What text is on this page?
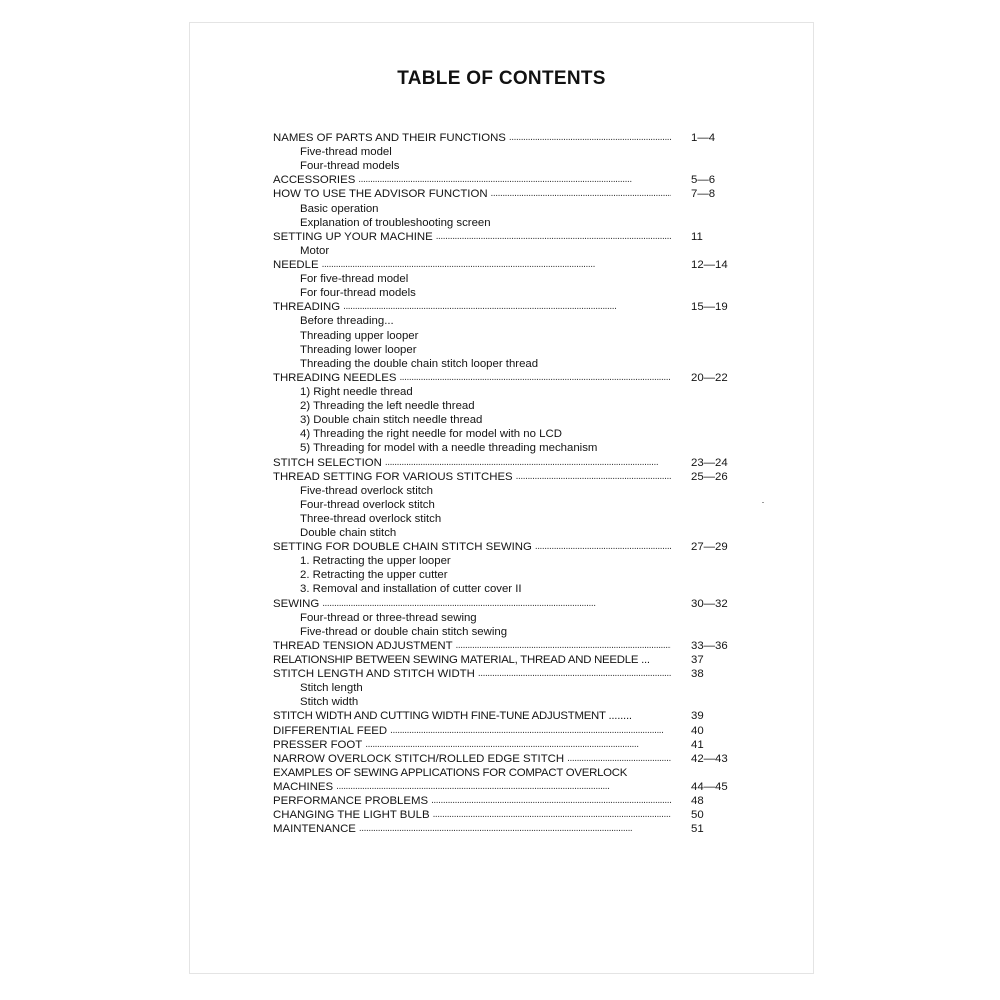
TABLE OF CONTENTS
NAMES OF PARTS AND THEIR FUNCTIONS . . .	1—4
Five-thread model
Four-thread models
ACCESSORIES . . .	5—6
HOW TO USE THE ADVISOR FUNCTION . . .	7—8
Basic operation
Explanation of troubleshooting screen
SETTING UP YOUR MACHINE . . .	11
Motor
NEEDLE . . .	12—14
For five-thread model
For four-thread models
THREADING . . .	15—19
Before threading...
Threading upper looper
Threading lower looper
Threading the double chain stitch looper thread
THREADING NEEDLES . . .	20—22
1) Right needle thread
2) Threading the left needle thread
3) Double chain stitch needle thread
4) Threading the right needle for model with no LCD
5) Threading for model with a needle threading mechanism
STITCH SELECTION . . .	23—24
THREAD SETTING FOR VARIOUS STITCHES . . .	25—26
Five-thread overlock stitch
Four-thread overlock stitch
Three-thread overlock stitch
Double chain stitch
SETTING FOR DOUBLE CHAIN STITCH SEWING . . .	27—29
1. Retracting the upper looper
2. Retracting the upper cutter
3. Removal and installation of cutter cover II
SEWING . . .	30—32
Four-thread or three-thread sewing
Five-thread or double chain stitch sewing
THREAD TENSION ADJUSTMENT . . .	33—36
RELATIONSHIP BETWEEN SEWING MATERIAL, THREAD AND NEEDLE ...	37
STITCH LENGTH AND STITCH WIDTH . . .	38
Stitch length
Stitch width
STITCH WIDTH AND CUTTING WIDTH FINE-TUNE ADJUSTMENT ........	39
DIFFERENTIAL FEED . . .	40
PRESSER FOOT . . .	41
NARROW OVERLOCK STITCH/ROLLED EDGE STITCH . . .	42—43
EXAMPLES OF SEWING APPLICATIONS FOR COMPACT OVERLOCK
MACHINES . . .	44—45
PERFORMANCE PROBLEMS . . .	48
CHANGING THE LIGHT BULB . . .	50
MAINTENANCE . . .	51
